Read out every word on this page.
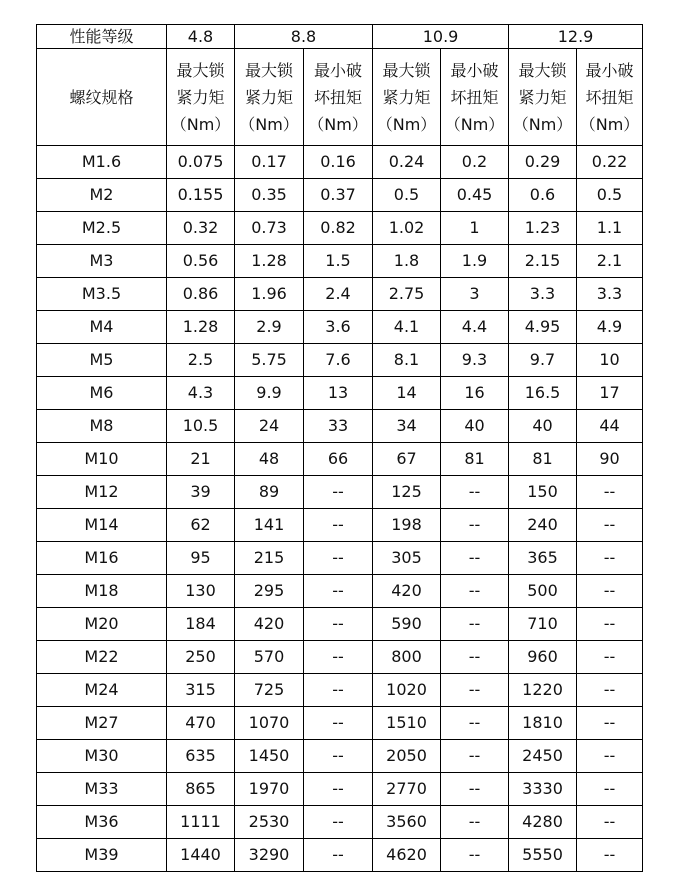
性能等级	4.8	8.8		10.9		12.9	
螺纹规格	最大锁
紧力矩
（Nm）	最大锁
紧力矩
（Nm）	最小破
坏扭矩
（Nm）	最大锁
紧力矩
（Nm）	最小破
坏扭矩
（Nm）	最大锁
紧力矩
（Nm）	最小破
坏扭矩
（Nm）

M1.6	0.075	0.17	0.16	0.24	0.2	0.29	0.22
M2	0.155	0.35	0.37	0.5	0.45	0.6	0.5
M2.5	0.32	0.73	0.82	1.02	1	1.23	1.1
M3	0.56	1.28	1.5	1.8	1.9	2.15	2.1
M3.5	0.86	1.96	2.4	2.75	3	3.3	3.3
M4	1.28	2.9	3.6	4.1	4.4	4.95	4.9
M5	2.5	5.75	7.6	8.1	9.3	9.7	10
M6	4.3	9.9	13	14	16	16.5	17
M8	10.5	24	33	34	40	40	44
M10	21	48	66	67	81	81	90
M12	39	89	--	125	--	150	--
M14	62	141	--	198	--	240	--
M16	95	215	--	305	--	365	--
M18	130	295	--	420	--	500	--
M20	184	420	--	590	--	710	--
M22	250	570	--	800	--	960	--
M24	315	725	--	1020	--	1220	--
M27	470	1070	--	1510	--	1810	--
M30	635	1450	--	2050	--	2450	--
M33	865	1970	--	2770	--	3330	--
M36	1111	2530	--	3560	--	4280	--
M39	1440	3290	--	4620	--	5550	--
